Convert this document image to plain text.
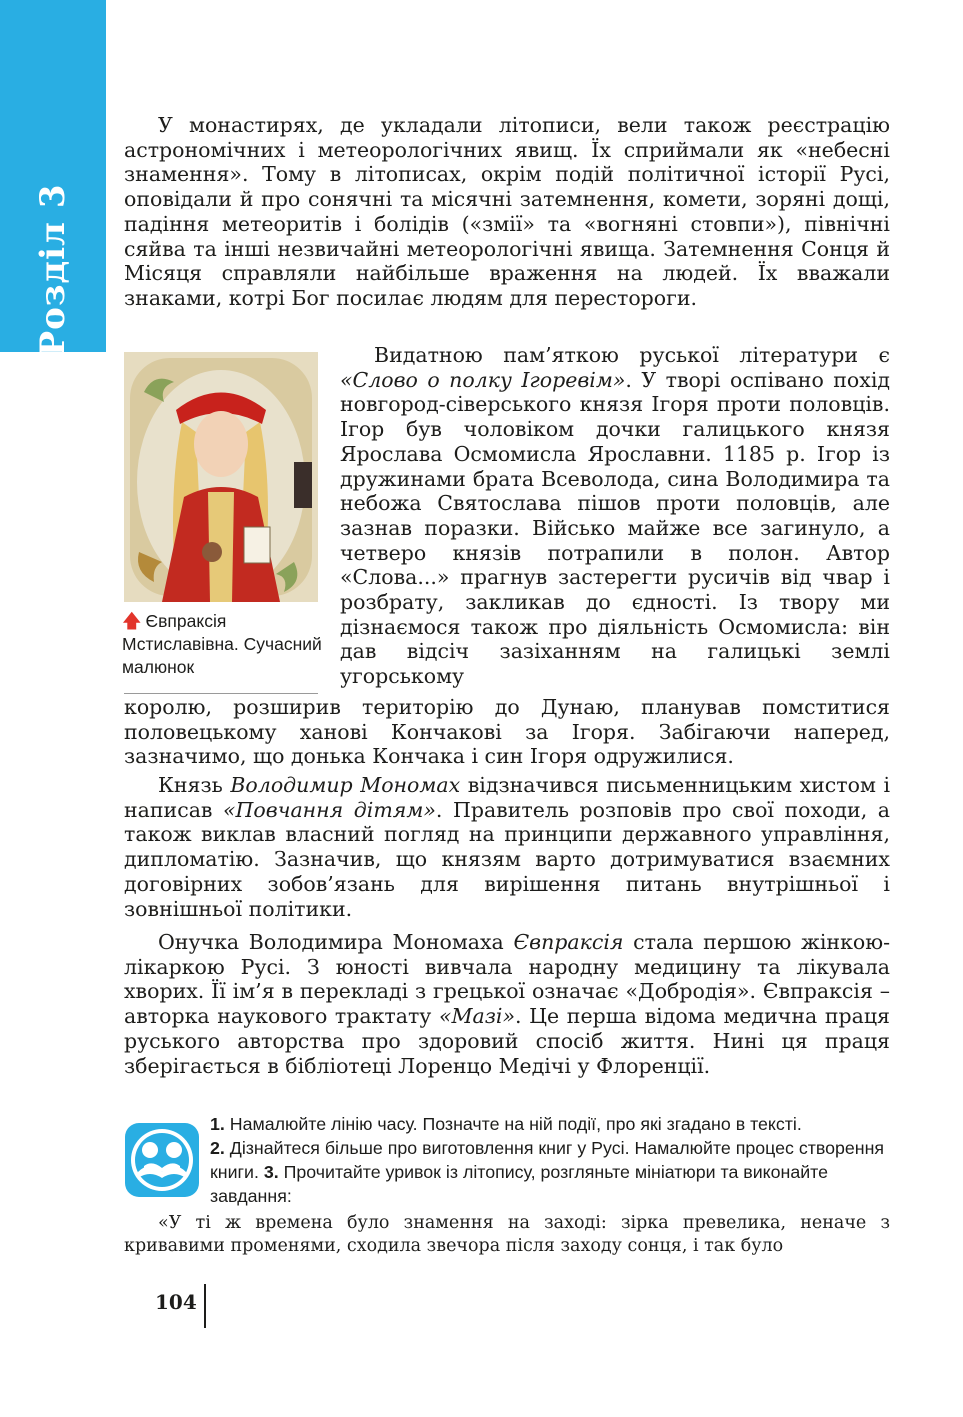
Розділ 3

У монастирях, де укладали літописи, вели також реєстрацію астрономічних і метеорологічних явищ. Їх сприймали як «небесні знамення». Тому в літописах, окрім подій політичної історії Русі, оповідали й про сонячні та місячні затемнення, комети, зоряні дощі, падіння метеоритів і болідів («змії» та «вогняні стовпи»), північні сяйва та інші незвичайні метеорологічні явища. Затемнення Сонця й Місяця справляли найбільше враження на людей. Їх вважали знаками, котрі Бог посилає людям для перестороги.

Видатною пам’яткою руської літератури є «Слово о полку Ігоревім». У творі оспівано похід новгород-сіверського князя Ігоря проти половців. Ігор був чоловіком дочки галицького князя Ярослава Осмомисла Ярославни. 1185 р. Ігор із дружинами брата Всеволода, сина Володимира та небожа Святослава пішов проти половців, але зазнав поразки. Військо майже все загинуло, а четверо князів потрапили в полон. Автор «Слова...» прагнув застерегти русичів від чвар і розбрату, закликав до єдності. Із твору ми дізнаємося також про діяльність Осмомисла: він дав відсіч зазіханням на галицькі землі угорському

🡅 Євпраксія Мстиславівна. Сучасний малюнок

королю, розширив територію до Дунаю, планував помститися половецькому ханові Кончакові за Ігоря. Забігаючи наперед, зазначимо, що донька Кончака і син Ігоря одружилися.

Князь Володимир Мономах відзначився письменницьким хистом і написав «Повчання дітям». Правитель розповів про свої походи, а також виклав власний погляд на принципи державного управління, дипломатію. Зазначив, що князям варто дотримуватися взаємних договірних зобов’язань для вирішення питань внутрішньої і зовнішньої політики.

Онучка Володимира Мономаха Євпраксія стала першою жінкою-лікаркою Русі. З юності вивчала народну медицину та лікувала хворих. Її ім’я в перекладі з грецької означає «Добродія». Євпраксія – авторка наукового трактату «Мазі». Це перша відома медична праця руського авторства про здоровий спосіб життя. Нині ця праця зберігається в бібліотеці Лоренцо Медічі у Флоренції.

1. Намалюйте лінію часу. Позначте на ній події, про які згадано в тексті.
2. Дізнайтеся більше про виготовлення книг у Русі. Намалюйте процес створення книги. 3. Прочитайте уривок із літопису, розгляньте мініатюри та виконайте завдання:

«У ті ж времена було знамення на заході: зірка превелика, неначе з кривавими променями, сходила звечора після заходу сонця, і так було

104
